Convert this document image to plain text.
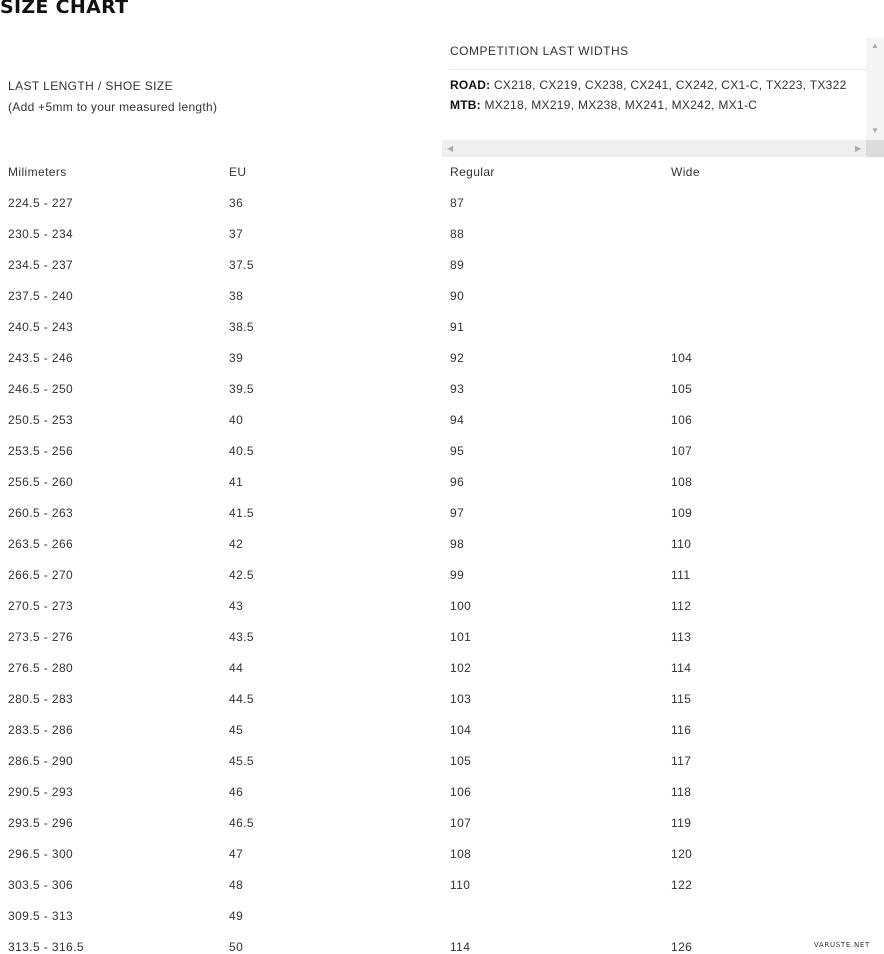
SIZE CHART
LAST LENGTH / SHOE SIZE
(Add +5mm to your measured length)
COMPETITION LAST WIDTHS
ROAD: CX218, CX219, CX238, CX241, CX242, CX1-C, TX223, TX322
MTB: MX218, MX219, MX238, MX241, MX242, MX1-C
▲
▼
◀	▶
Milimeters	EU	Regular	Wide
224.5 - 227	36	87
230.5 - 234	37	88
234.5 - 237	37.5	89
237.5 - 240	38	90
240.5 - 243	38.5	91
243.5 - 246	39	92	104
246.5 - 250	39.5	93	105
250.5 - 253	40	94	106
253.5 - 256	40.5	95	107
256.5 - 260	41	96	108
260.5 - 263	41.5	97	109
263.5 - 266	42	98	110
266.5 - 270	42.5	99	111
270.5 - 273	43	100	112
273.5 - 276	43.5	101	113
276.5 - 280	44	102	114
280.5 - 283	44.5	103	115
283.5 - 286	45	104	116
286.5 - 290	45.5	105	117
290.5 - 293	46	106	118
293.5 - 296	46.5	107	119
296.5 - 300	47	108	120
303.5 - 306	48	110	122
309.5 - 313	49
313.5 - 316.5	50	114	126	VARUSTE.NET
